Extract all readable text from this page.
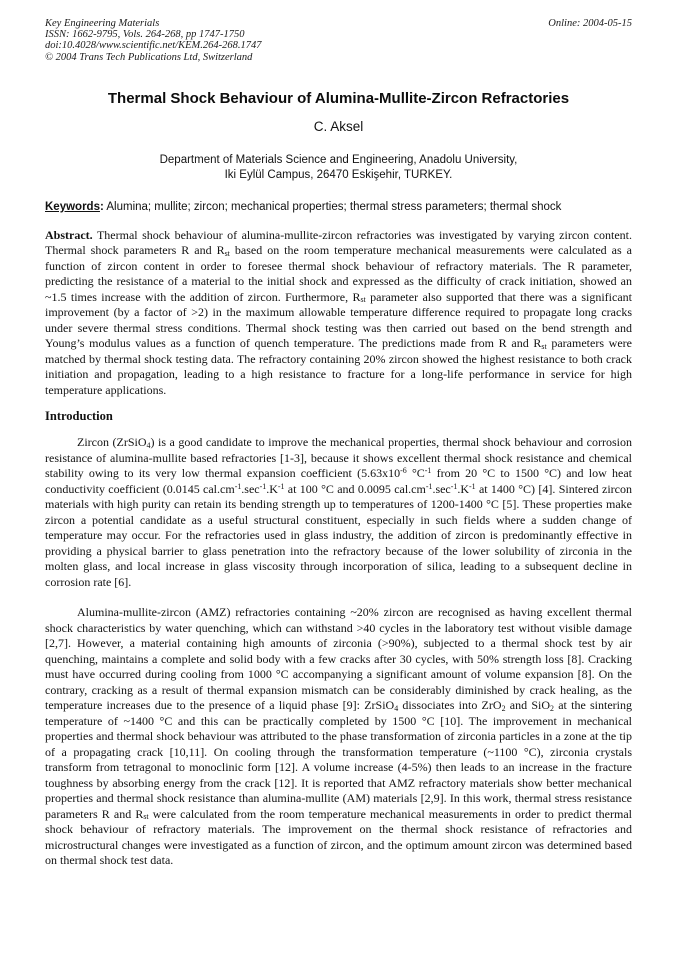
Key Engineering Materials
ISSN: 1662-9795, Vols. 264-268, pp 1747-1750
doi:10.4028/www.scientific.net/KEM.264-268.1747
© 2004 Trans Tech Publications Ltd, Switzerland
Online: 2004-05-15
Thermal Shock Behaviour of Alumina-Mullite-Zircon Refractories
C. Aksel
Department of Materials Science and Engineering, Anadolu University,
Iki Eylül Campus, 26470 Eskişehir, TURKEY.

Keywords: Alumina; mullite; zircon; mechanical properties; thermal stress parameters; thermal shock

Abstract. Thermal shock behaviour of alumina-mullite-zircon refractories was investigated by varying zircon content. Thermal shock parameters R and $R_{st}$ based on the room temperature mechanical measurements were calculated as a function of zircon content in order to foresee thermal shock behaviour of refractory materials. The R parameter, predicting the resistance of a material to the initial shock and expressed as the difficulty of crack initiation, showed an ~1.5 times increase with the addition of zircon. Furthermore, $R_{st}$ parameter also supported that there was a significant improvement (by a factor of >2) in the maximum allowable temperature difference required to propagate long cracks under severe thermal stress conditions. Thermal shock testing was then carried out based on the bend strength and Young’s modulus values as a function of quench temperature. The predictions made from R and $R_{st}$ parameters were matched by thermal shock testing data. The refractory containing 20% zircon showed the highest resistance to both crack initiation and propagation, leading to a high resistance to fracture for a long-life performance in service for high temperature applications.

Introduction

Zircon (ZrSiO$_4$) is a good candidate to improve the mechanical properties, thermal shock behaviour and corrosion resistance of alumina-mullite based refractories [1-3], because it shows excellent thermal shock resistance and chemical stability owing to its very low thermal expansion coefficient ($5.63x10^{-6}$ $^\circ C^{-1}$ from 20 °C to 1500 °C) and low heat conductivity coefficient (0.0145 $cal.cm^{-1}.\sec^{-1}.K^{-1}$ at 100 °C and 0.0095 $cal.cm^{-1}.\sec^{-1}.K^{-1}$ at 1400 °C) [4]. Sintered zircon materials with high purity can retain its bending strength up to temperatures of 1200-1400 °C [5]. These properties make zircon a potential candidate as a useful structural constituent, especially in such fields where a sudden change of temperature may occur. For the refractories used in glass industry, the addition of zircon is predominantly effective in providing a physical barrier to glass penetration into the refractory because of the lower solubility of zirconia in the molten glass, and local increase in glass viscosity through incorporation of silica, leading to a subsequent decline in corrosion rate [6].

Alumina-mullite-zircon (AMZ) refractories containing ~20% zircon are recognised as having excellent thermal shock characteristics by water quenching, which can withstand >40 cycles in the laboratory test without visible damage [2,7]. However, a material containing high amounts of zirconia (>90%), subjected to a thermal shock test by air quenching, maintains a complete and solid body with a few cracks after 30 cycles, with 50% strength loss [8]. Cracking must have occurred during cooling from 1000 °C accompanying a significant amount of volume expansion [8]. On the contrary, cracking as a result of thermal expansion mismatch can be considerably diminished by crack healing, as the temperature increases due to the presence of a liquid phase [9]: ZrSiO$_4$ dissociates into ZrO$_2$ and SiO$_2$ at the sintering temperature of ~1400 °C and this can be practically completed by 1500 °C [10]. The improvement in mechanical properties and thermal shock behaviour was attributed to the phase transformation of zirconia particles in a zone at the tip of a propagating crack [10,11]. On cooling through the transformation temperature (~1100 °C), zirconia crystals transform from tetragonal to monoclinic form [12]. A volume increase (4-5%) then leads to an increase in the fracture toughness by absorbing energy from the crack [12]. It is reported that AMZ refractory materials show better mechanical properties and thermal shock resistance than alumina-mullite (AM) materials [2,9]. In this work, thermal stress resistance parameters R and $R_{st}$ were calculated from the room temperature mechanical measurements in order to predict thermal shock behaviour of refractory materials. The improvement on the thermal shock resistance of refractories and microstructural changes were investigated as a function of zircon, and the optimum amount zircon was determined based on thermal shock test data.
